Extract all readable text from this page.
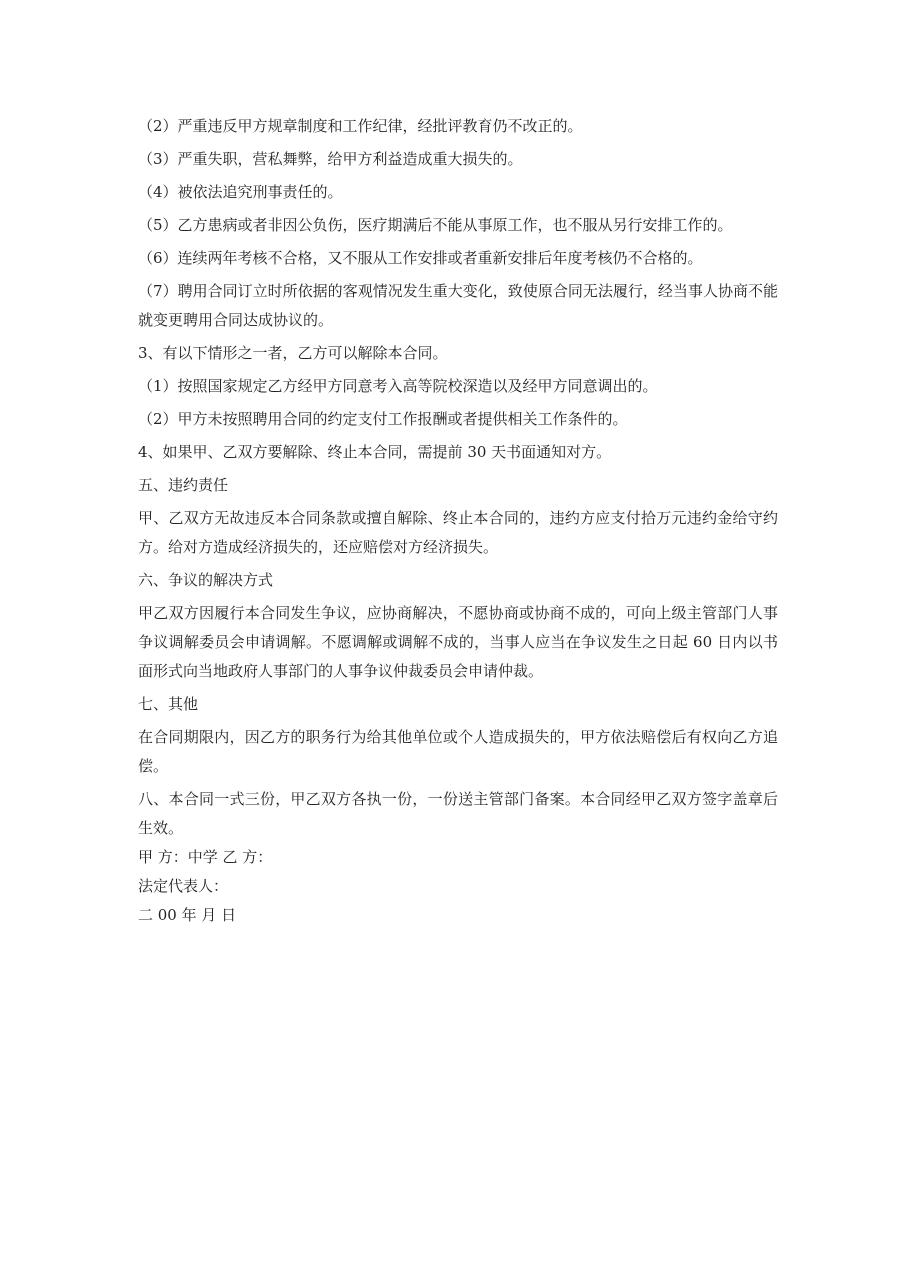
（2）严重违反甲方规章制度和工作纪律，经批评教育仍不改正的。

（3）严重失职，营私舞弊，给甲方利益造成重大损失的。

（4）被依法追究刑事责任的。

（5）乙方患病或者非因公负伤，医疗期满后不能从事原工作，也不服从另行安排工作的。

（6）连续两年考核不合格，又不服从工作安排或者重新安排后年度考核仍不合格的。

（7）聘用合同订立时所依据的客观情况发生重大变化，致使原合同无法履行，经当事人协商不能就变更聘用合同达成协议的。

3、有以下情形之一者，乙方可以解除本合同。

（1）按照国家规定乙方经甲方同意考入高等院校深造以及经甲方同意调出的。

（2）甲方未按照聘用合同的约定支付工作报酬或者提供相关工作条件的。

4、如果甲、乙双方要解除、终止本合同，需提前 30 天书面通知对方。

五、违约责任

甲、乙双方无故违反本合同条款或擅自解除、终止本合同的，违约方应支付拾万元违约金给守约方。给对方造成经济损失的，还应赔偿对方经济损失。

六、争议的解决方式

甲乙双方因履行本合同发生争议，应协商解决，不愿协商或协商不成的，可向上级主管部门人事争议调解委员会申请调解。不愿调解或调解不成的，当事人应当在争议发生之日起 60 日内以书面形式向当地政府人事部门的人事争议仲裁委员会申请仲裁。

七、其他

在合同期限内，因乙方的职务行为给其他单位或个人造成损失的，甲方依法赔偿后有权向乙方追偿。

八、本合同一式三份，甲乙双方各执一份，一份送主管部门备案。本合同经甲乙双方签字盖章后生效。

甲 方：中学 乙 方：

法定代表人：

二 00 年 月 日
